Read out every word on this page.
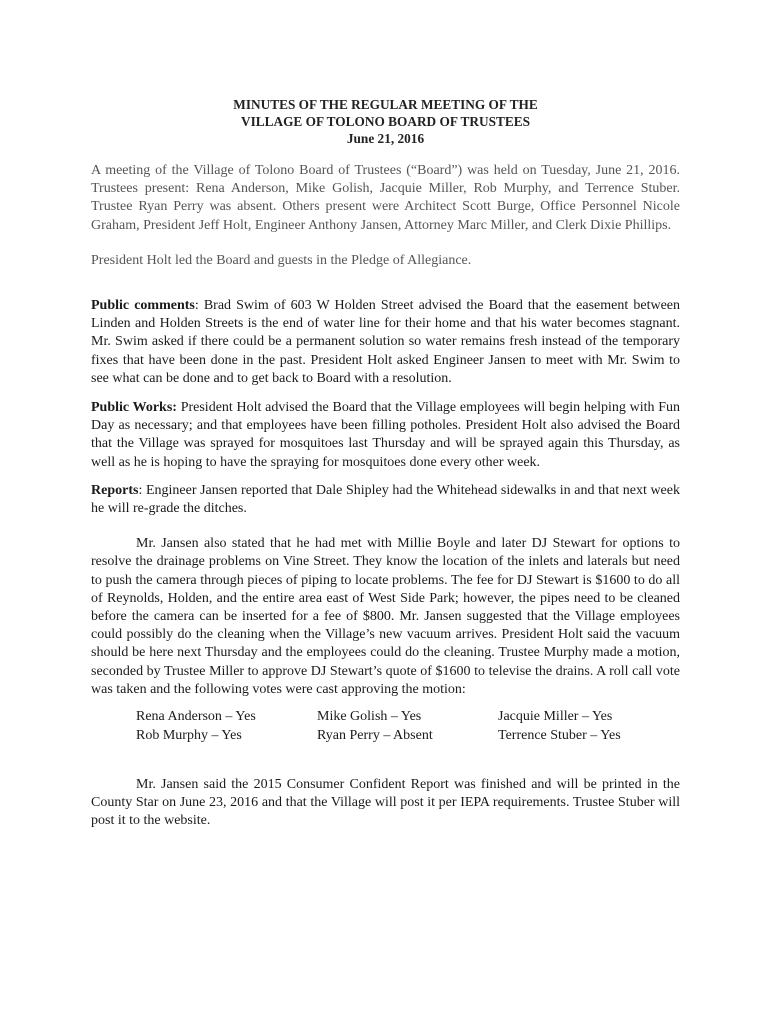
MINUTES OF THE REGULAR MEETING OF THE
VILLAGE OF TOLONO BOARD OF TRUSTEES
June 21, 2016

A meeting of the Village of Tolono Board of Trustees (“Board”) was held on Tuesday, June 21, 2016. Trustees present: Rena Anderson, Mike Golish, Jacquie Miller, Rob Murphy, and Terrence Stuber. Trustee Ryan Perry was absent. Others present were Architect Scott Burge, Office Personnel Nicole Graham, President Jeff Holt, Engineer Anthony Jansen, Attorney Marc Miller, and Clerk Dixie Phillips.

President Holt led the Board and guests in the Pledge of Allegiance.

Public comments: Brad Swim of 603 W Holden Street advised the Board that the easement between Linden and Holden Streets is the end of water line for their home and that his water becomes stagnant. Mr. Swim asked if there could be a permanent solution so water remains fresh instead of the temporary fixes that have been done in the past. President Holt asked Engineer Jansen to meet with Mr. Swim to see what can be done and to get back to Board with a resolution.

Public Works: President Holt advised the Board that the Village employees will begin helping with Fun Day as necessary; and that employees have been filling potholes. President Holt also advised the Board that the Village was sprayed for mosquitoes last Thursday and will be sprayed again this Thursday, as well as he is hoping to have the spraying for mosquitoes done every other week.

Reports: Engineer Jansen reported that Dale Shipley had the Whitehead sidewalks in and that next week he will re-grade the ditches.

Mr. Jansen also stated that he had met with Millie Boyle and later DJ Stewart for options to resolve the drainage problems on Vine Street. They know the location of the inlets and laterals but need to push the camera through pieces of piping to locate problems. The fee for DJ Stewart is $1600 to do all of Reynolds, Holden, and the entire area east of West Side Park; however, the pipes need to be cleaned before the camera can be inserted for a fee of $800. Mr. Jansen suggested that the Village employees could possibly do the cleaning when the Village’s new vacuum arrives. President Holt said the vacuum should be here next Thursday and the employees could do the cleaning. Trustee Murphy made a motion, seconded by Trustee Miller to approve DJ Stewart’s quote of $1600 to televise the drains. A roll call vote was taken and the following votes were cast approving the motion:

Rena Anderson – Yes	Mike Golish – Yes	Jacquie Miller – Yes
Rob Murphy – Yes	Ryan Perry – Absent	Terrence Stuber – Yes

Mr. Jansen said the 2015 Consumer Confident Report was finished and will be printed in the County Star on June 23, 2016 and that the Village will post it per IEPA requirements. Trustee Stuber will post it to the website.
